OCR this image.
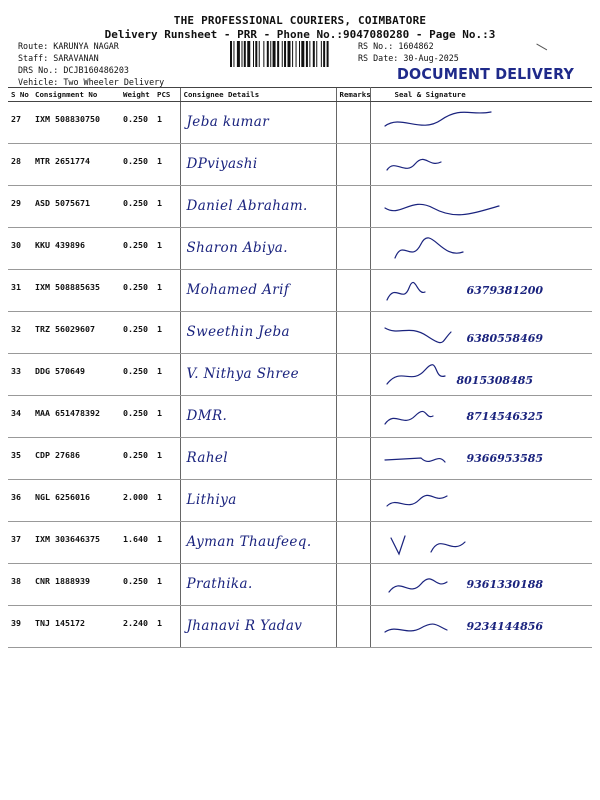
THE PROFESSIONAL COURIERS, COIMBATORE
Delivery Runsheet - PRR - Phone No.:9047080280 - Page No.:3
Route: KARUNYA NAGAR
Staff: SARAVANAN
DRS No.: DCJB160486203
Vehicle: Two Wheeler Delivery
RS No.: 1604862
RS Date: 30-Aug-2025
DOCUMENT DELIVERY
S No	Consignment No	Weight	PCS	Consignee Details	Remarks	Seal & Signature
27	IXM 508830750	0.250	1	Jeba kumar

28	MTR 2651774	0.250	1	DPviyashi

29	ASD 5075671	0.250	1	Daniel Abraham.

30	KKU 439896	0.250	1	Sharon Abiya.

31	IXM 508885635	0.250	1	Mohamed Arif		6379381200

32	TRZ 56029607	0.250	1	Sweethin Jeba		6380558469

33	DDG 570649	0.250	1	V. Nithya Shree		8015308485

34	MAA 651478392	0.250	1	DMR.		8714546325

35	CDP 27686	0.250	1	Rahel		9366953585

36	NGL 6256016	2.000	1	Lithiya

37	IXM 303646375	1.640	1	Ayman Thaufeeq.

38	CNR 1888939	0.250	1	Prathika.		9361330188

39	TNJ 145172	2.240	1	Jhanavi R Yadav		9234144856
